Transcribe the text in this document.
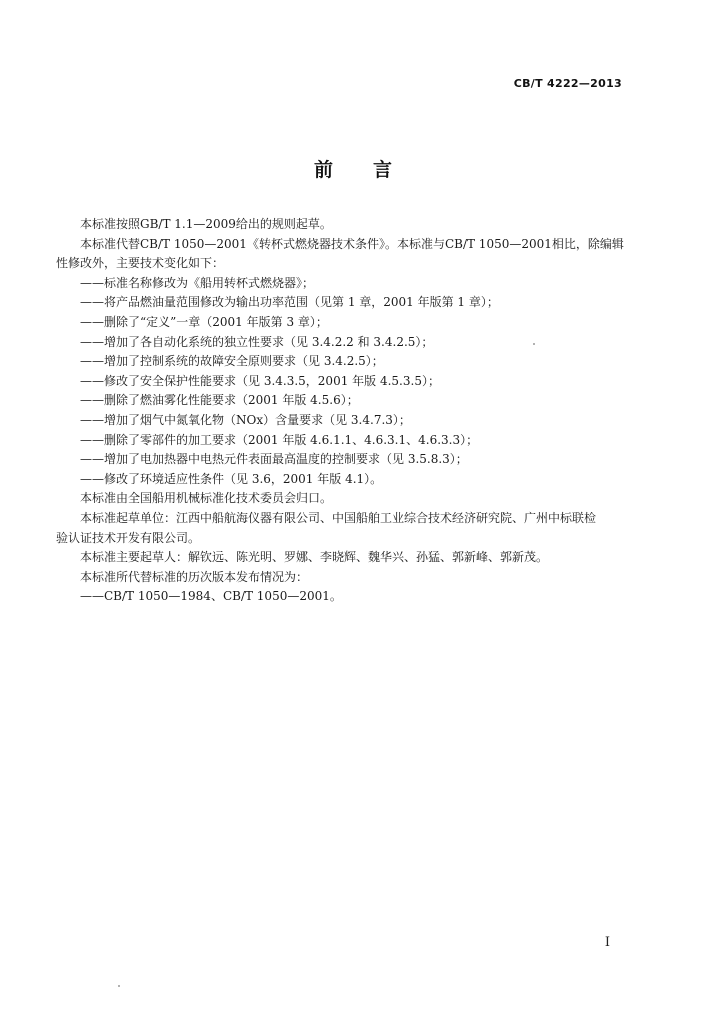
CB/T 4222—2013
前言

本标准按照GB/T 1.1—2009给出的规则起草。

本标准代替CB/T 1050—2001《转杯式燃烧器技术条件》。本标准与CB/T 1050—2001相比，除编辑

性修改外，主要技术变化如下：

——标准名称修改为《船用转杯式燃烧器》；

——将产品燃油量范围修改为输出功率范围（见第 1 章，2001 年版第 1 章）；

——删除了“定义”一章（2001 年版第 3 章）；

——增加了各自动化系统的独立性要求（见 3.4.2.2 和 3.4.2.5）；

——增加了控制系统的故障安全原则要求（见 3.4.2.5）；

——修改了安全保护性能要求（见 3.4.3.5，2001 年版 4.5.3.5）；

——删除了燃油雾化性能要求（2001 年版 4.5.6）；

——增加了烟气中氮氧化物（NOx）含量要求（见 3.4.7.3）；

——删除了零部件的加工要求（2001 年版 4.6.1.1、4.6.3.1、4.6.3.3）；

——增加了电加热器中电热元件表面最高温度的控制要求（见 3.5.8.3）；

——修改了环境适应性条件（见 3.6，2001 年版 4.1）。

本标准由全国船用机械标准化技术委员会归口。

本标准起草单位：江西中船航海仪器有限公司、中国船舶工业综合技术经济研究院、广州中标联检

验认证技术开发有限公司。

本标准主要起草人：解钦远、陈光明、罗娜、李晓辉、魏华兴、孙猛、郭新峰、郭新茂。

本标准所代替标准的历次版本发布情况为：

——CB/T 1050—1984、CB/T 1050—2001。

I
